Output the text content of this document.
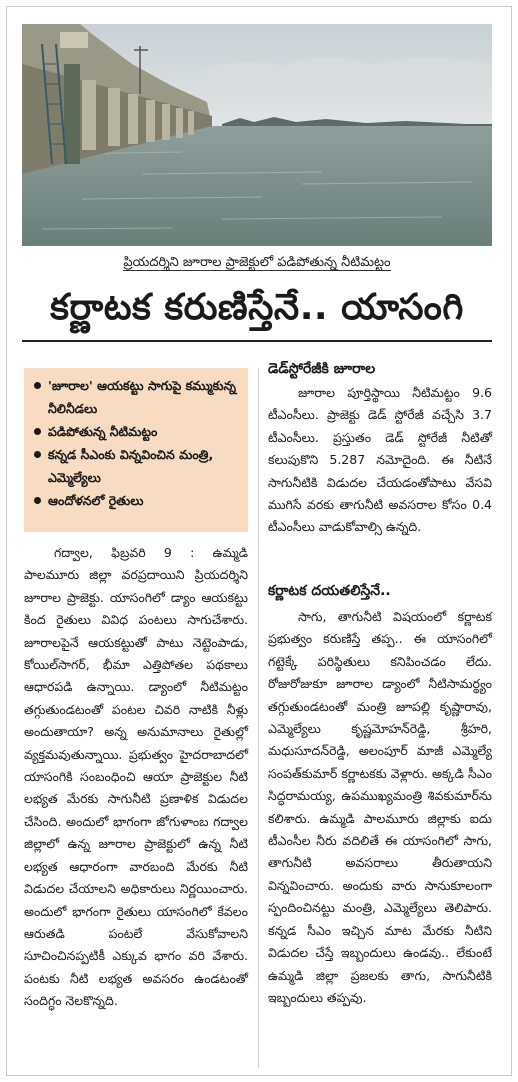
ప్రియదర్శిని జూరాల ప్రాజెక్టులో పడిపోతున్న నీటిమట్టం
కర్ణాటక కరుణిస్తేనే.. యాసంగి
'జూరాల' ఆయకట్టు సాగుపై కమ్ముకున్న నీలినీడలు
పడిపోతున్న నీటిమట్టం
కన్నడ సీఎంకు విన్నవించిన మంత్రి, ఎమ్మెల్యేలు
ఆందోళనలో రైతులు

గద్వాల, ఫిబ్రవరి 9 : ఉమ్మడి పాలమూరు జిల్లా వరప్రదాయిని ప్రియదర్శిని జూరాల ప్రాజెక్టు. యాసంగిలో డ్యాం ఆయకట్టు కింద రైతులు వివిధ పంటలు సాగుచేశారు. జూరాలపైనే ఆయకట్టుతో పాటు నెట్టెంపాడు, కోయిల్‌సాగర్, భీమా ఎత్తిపోతల పథకాలు ఆధారపడి ఉన్నాయి. డ్యాంలో నీటిమట్టం తగ్గుతుండటంతో పంటల చివరి నాటికి నీళ్లు అందుతాయా? అన్న అనుమానాలు రైతుల్లో వ్యక్తమవుతున్నాయి. ప్రభుత్వం హైదరాబాదలో యాసంగికి సంబంధించి ఆయా ప్రాజెక్టుల నీటి లభ్యత మేరకు సాగునీటి ప్రణాళిక విడుదల చేసింది. అందులో భాగంగా జోగుళాంబ గద్వాల జిల్లాలో ఉన్న జూరాల ప్రాజెక్టులో ఉన్న నీటి లభ్యత ఆధారంగా వారబంది మేరకు నీటి విడుదల చేయాలని అధికారులు నిర్ణయించారు. అందులో భాగంగా రైతులు యాసంగిలో కేవలం ఆరుతడి పంటలే వేసుకోవాలని సూచించినప్పటికీ ఎక్కువ భాగం వరి వేశారు. పంటకు నీటి లభ్యత అవసరం ఉండటంతో సందిగ్ధం నెలకొన్నది.

డెడ్‌స్టోరేజీకి జూరాల

జూరాల పూర్తిస్థాయి నీటిమట్టం 9.6 టీఎంసీలు. ప్రాజెక్టు డెడ్ స్టోరేజీ వచ్చేసి 3.7 టీఎంసీలు. ప్రస్తుతం డెడ్ స్టోరేజీ నీటితో కలుపుకొని 5.287 నమోదైంది. ఈ నీటినే సాగునీటికి విడుదల చేయడంతోపాటు వేసవి ముగిసే వరకు తాగునీటి అవసరాల కోసం 0.4 టీఎంసీలు వాడుకోవాల్సి ఉన్నది.

కర్ణాటక దయతలిస్తేనే..

సాగు, తాగునీటి విషయంలో కర్ణాటక ప్రభుత్వం కరుణిస్తే తప్ప.. ఈ యాసంగిలో గట్టెక్కే పరిస్థితులు కనిపించడం లేదు. రోజురోజుకూ జూరాల డ్యాంలో నీటిసామర్థ్యం తగ్గుతుండటంతో మంత్రి జూపల్లి కృష్ణారావు, ఎమ్మెల్యేలు కృష్ణమోహన్‌రెడ్డి, శ్రీహరి, మధుసూదన్‌రెడ్డి, అలంపూర్ మాజీ ఎమ్మెల్యే సంపత్‌కుమార్ కర్ణాటకకు వెళ్లారు. అక్కడి సీఎం సిద్ధరామయ్య, ఉపముఖ్యమంత్రి శివకుమార్‌ను కలిశారు. ఉమ్మడి పాలమూరు జిల్లాకు ఐదు టీఎంసీల నీరు వదిలితే ఈ యాసంగిలో సాగు, తాగునీటి అవసరాలు తీరుతాయని విన్నవించారు. అందుకు వారు సానుకూలంగా స్పందించినట్టు మంత్రి, ఎమ్మెల్యేలు తెలిపారు. కన్నడ సీఎం ఇచ్చిన మాట మేరకు నీటిని విడుదల చేస్తే ఇబ్బందులు ఉండవు.. లేకుంటే ఉమ్మడి జిల్లా ప్రజలకు తాగు, సాగునీటికి ఇబ్బందులు తప్పవు.
